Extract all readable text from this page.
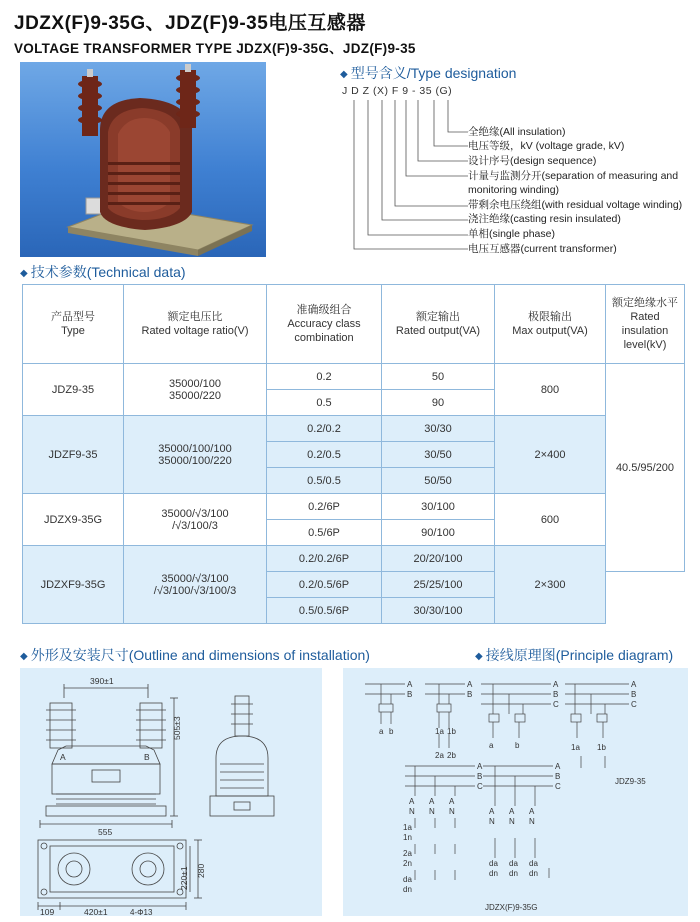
JDZX(F)9-35G、JDZ(F)9-35电压互感器
VOLTAGE TRANSFORMER TYPE JDZX(F)9-35G、JDZ(F)9-35
◆ 型号含义/Type designation
J D Z (X) F 9 - 35 (G)
全绝缘(All insulation)
电压等级，kV (voltage grade, kV)
设计序号(design sequence)
计量与监测分开(separation of measuring and
monitoring winding)
带剩余电压绕组(with residual voltage winding)
浇注绝缘(casting resin insulated)
单相(single phase)
电压互感器(current transformer)
◆ 技术参数(Technical data)
产品型号
Type	额定电压比
Rated voltage ratio(V)	准确级组合
Accuracy class
combination	额定输出
Rated output(VA)	极限输出
Max output(VA)	额定绝缘水平
Rated insulation
level(kV)
JDZ9-35	35000/100
35000/220	0.2	50	800	40.5/95/200
		0.5	90		
JDZF9-35	35000/100/100
35000/100/220	0.2/0.2	30/30	2×400	
		0.2/0.5	30/50		
		0.5/0.5	50/50		
JDZX9-35G	35000/√3/100
/√3/100/3	0.2/6P	30/100	600	
		0.5/6P	90/100		
JDZXF9-35G	35000/√3/100
/√3/100/√3/100/3	0.2/0.2/6P	20/20/100	2×300	
		0.2/0.5/6P	25/25/100		
		0.5/0.5/6P	30/30/100		
◆ 外形及安装尺寸(Outline and dimensions of installation)
390±1
505±3
555
280
220±1
109	420±1	4-Φ13
A	B
◆ 接线原理图(Principle diagram)
A
B
A
B
a b	1a 1b
2a 2b
A
B
C
A
B
C
a	b	1a 1b
A
B
C
A
B
C
A A A
N N N
1a
1n
2a
2n
da
dn
A A A
N N N
da da da
dn dn dn
JDZ9-35
JDZX(F)9-35G
